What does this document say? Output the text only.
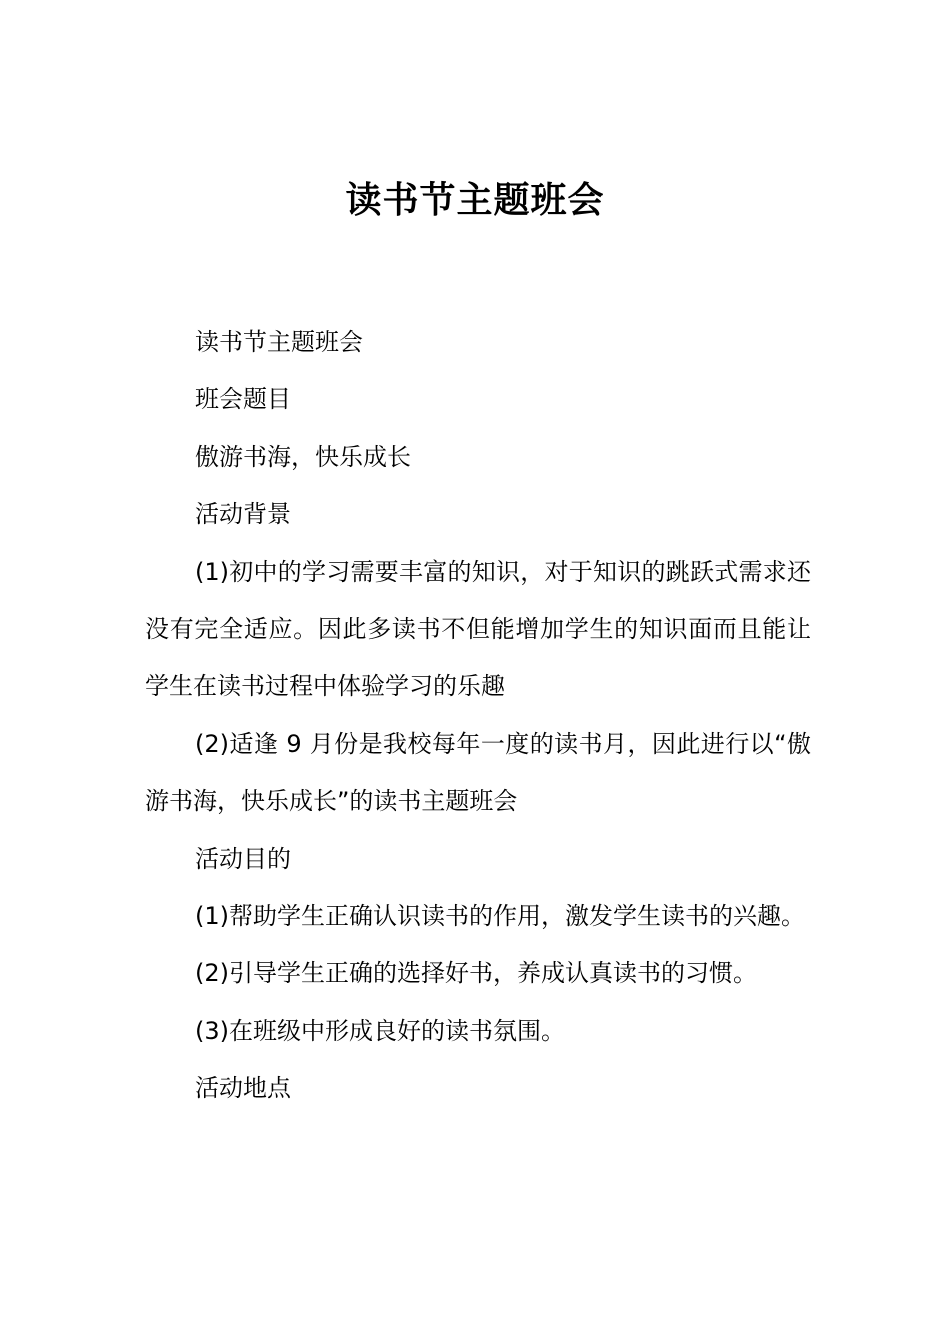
读书节主题班会

读书节主题班会

班会题目

傲游书海，快乐成长

活动背景

(1)初中的学习需要丰富的知识，对于知识的跳跃式需求还没有完全适应。因此多读书不但能增加学生的知识面而且能让学生在读书过程中体验学习的乐趣

(2)适逢 9 月份是我校每年一度的读书月，因此进行以“傲游书海，快乐成长”的读书主题班会

活动目的

(1)帮助学生正确认识读书的作用，激发学生读书的兴趣。

(2)引导学生正确的选择好书，养成认真读书的习惯。

(3)在班级中形成良好的读书氛围。

活动地点
